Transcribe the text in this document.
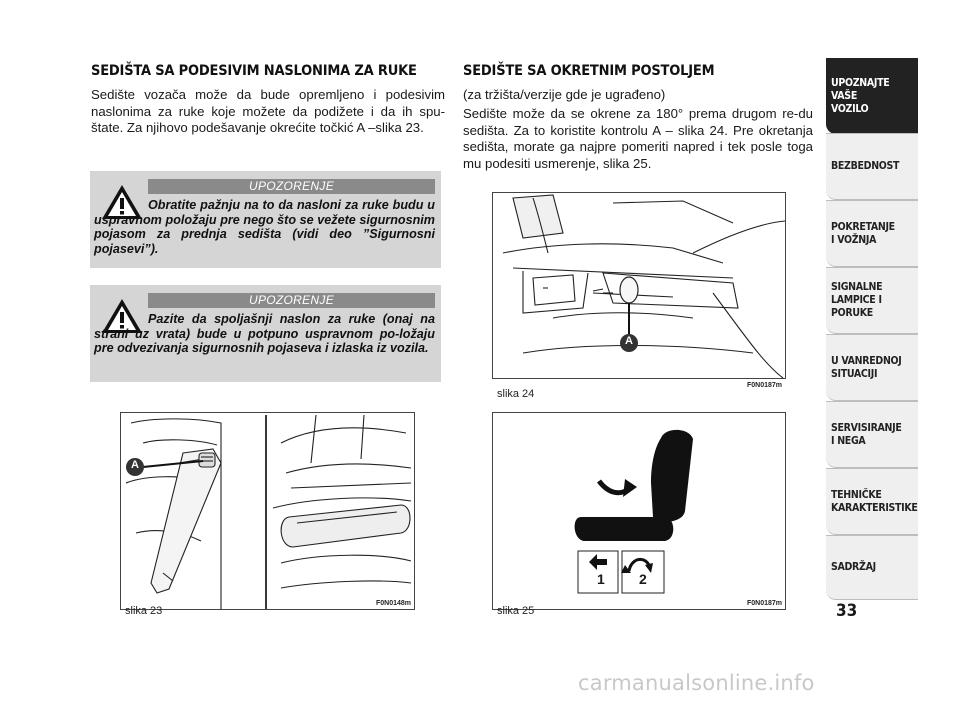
SEDIŠTA SA PODESIVIM NASLONIMA ZA RUKE
Sedište vozača može da bude opremljeno i podesivim naslonima za ruke koje možete da podižete i da ih spu-štate. Za njihovo podešavanje okrećite točkić A –slika 23.
UPOZORENJE
Obratite pažnju na to da nasloni za ruke budu u uspravnom položaju pre nego što se vežete sigurnosnim pojasom za prednja sedišta (vidi deo ”Sigurnosni pojasevi”).
UPOZORENJE
Pazite da spoljašnji naslon za ruke (onaj na strani uz vrata) bude u potpuno uspravnom po-ložaju pre odvezivanja sigurnosnih pojaseva i izlaska iz vozila.
A
slika 23
F0N0148m
SEDIŠTE SA OKRETNIM POSTOLJEM
(za tržišta/verzije gde je ugrađeno)
Sedište može da se okrene za 180° prema drugom re-du sedišta. Za to koristite kontrolu A – slika 24. Pre okretanja sedišta, morate ga najpre pomeriti napred i tek posle toga mu podesiti usmerenje, slika 25.
A
slika 24
F0N0187m
1 2
slika 25
F0N0187m
UPOZNAJTE
VAŠE
VOZILO
BEZBEDNOST
POKRETANJE
I VOŽNJA
SIGNALNE
LAMPICE I PORUKE
U VANREDNOJ
SITUACIJI
SERVISIRANJE
I NEGA
TEHNIČKE
KARAKTERISTIKE
SADRŽAJ
33
carmanualsonline.info
